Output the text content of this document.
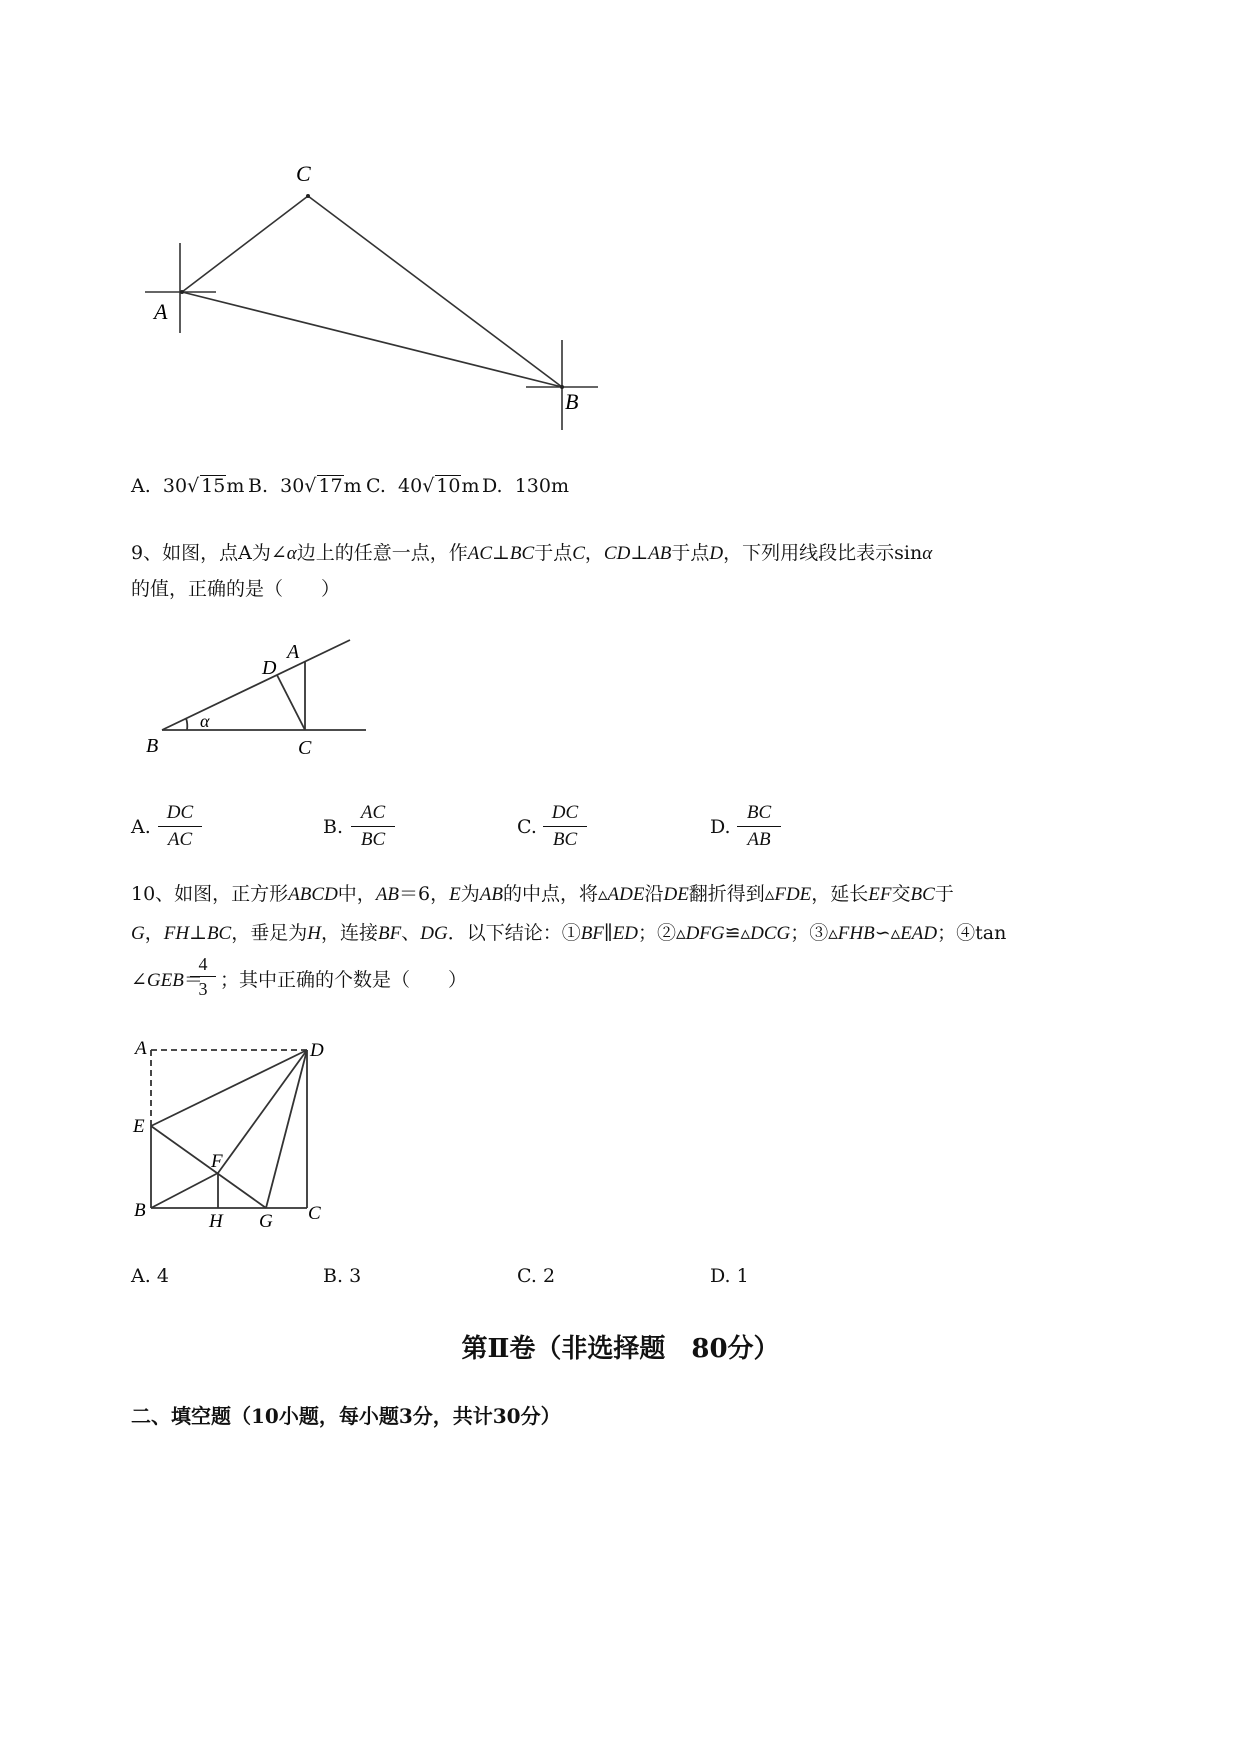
C
A
B
A. 30√ 15m B. 30√ 17m C. 40√ 10m D. 130m
9、如图，点A为∠α边上的任意一点，作AC⊥BC于点C，CD⊥AB于点D，下列用线段比表示sinα
的值，正确的是（　　）
D
A
α
B	C
A. $\frac{DC}{AC}$	B. $\frac{AC}{BC}$	C. $\frac{DC}{BC}$	D. $\frac{BC}{AB}$
10、如图，正方形ABCD中，AB＝6，E为AB的中点，将▵ADE沿DE翻折得到▵FDE，延长EF交BC于
G，FH⊥BC，垂足为H，连接BF、DG．以下结论：①BF∥ED；②▵DFG≌▵DCG；③▵FHB∽▵EAD；④tan
∠GEB＝
$\frac{4}{3}$ ；其中正确的个数是（　　）
A	D
E
F
B
H G C
A. 4	B. 3	C. 2	D. 1
第Ⅱ卷（非选择题　80分）
二、填空题（10小题，每小题3分，共计30分）
